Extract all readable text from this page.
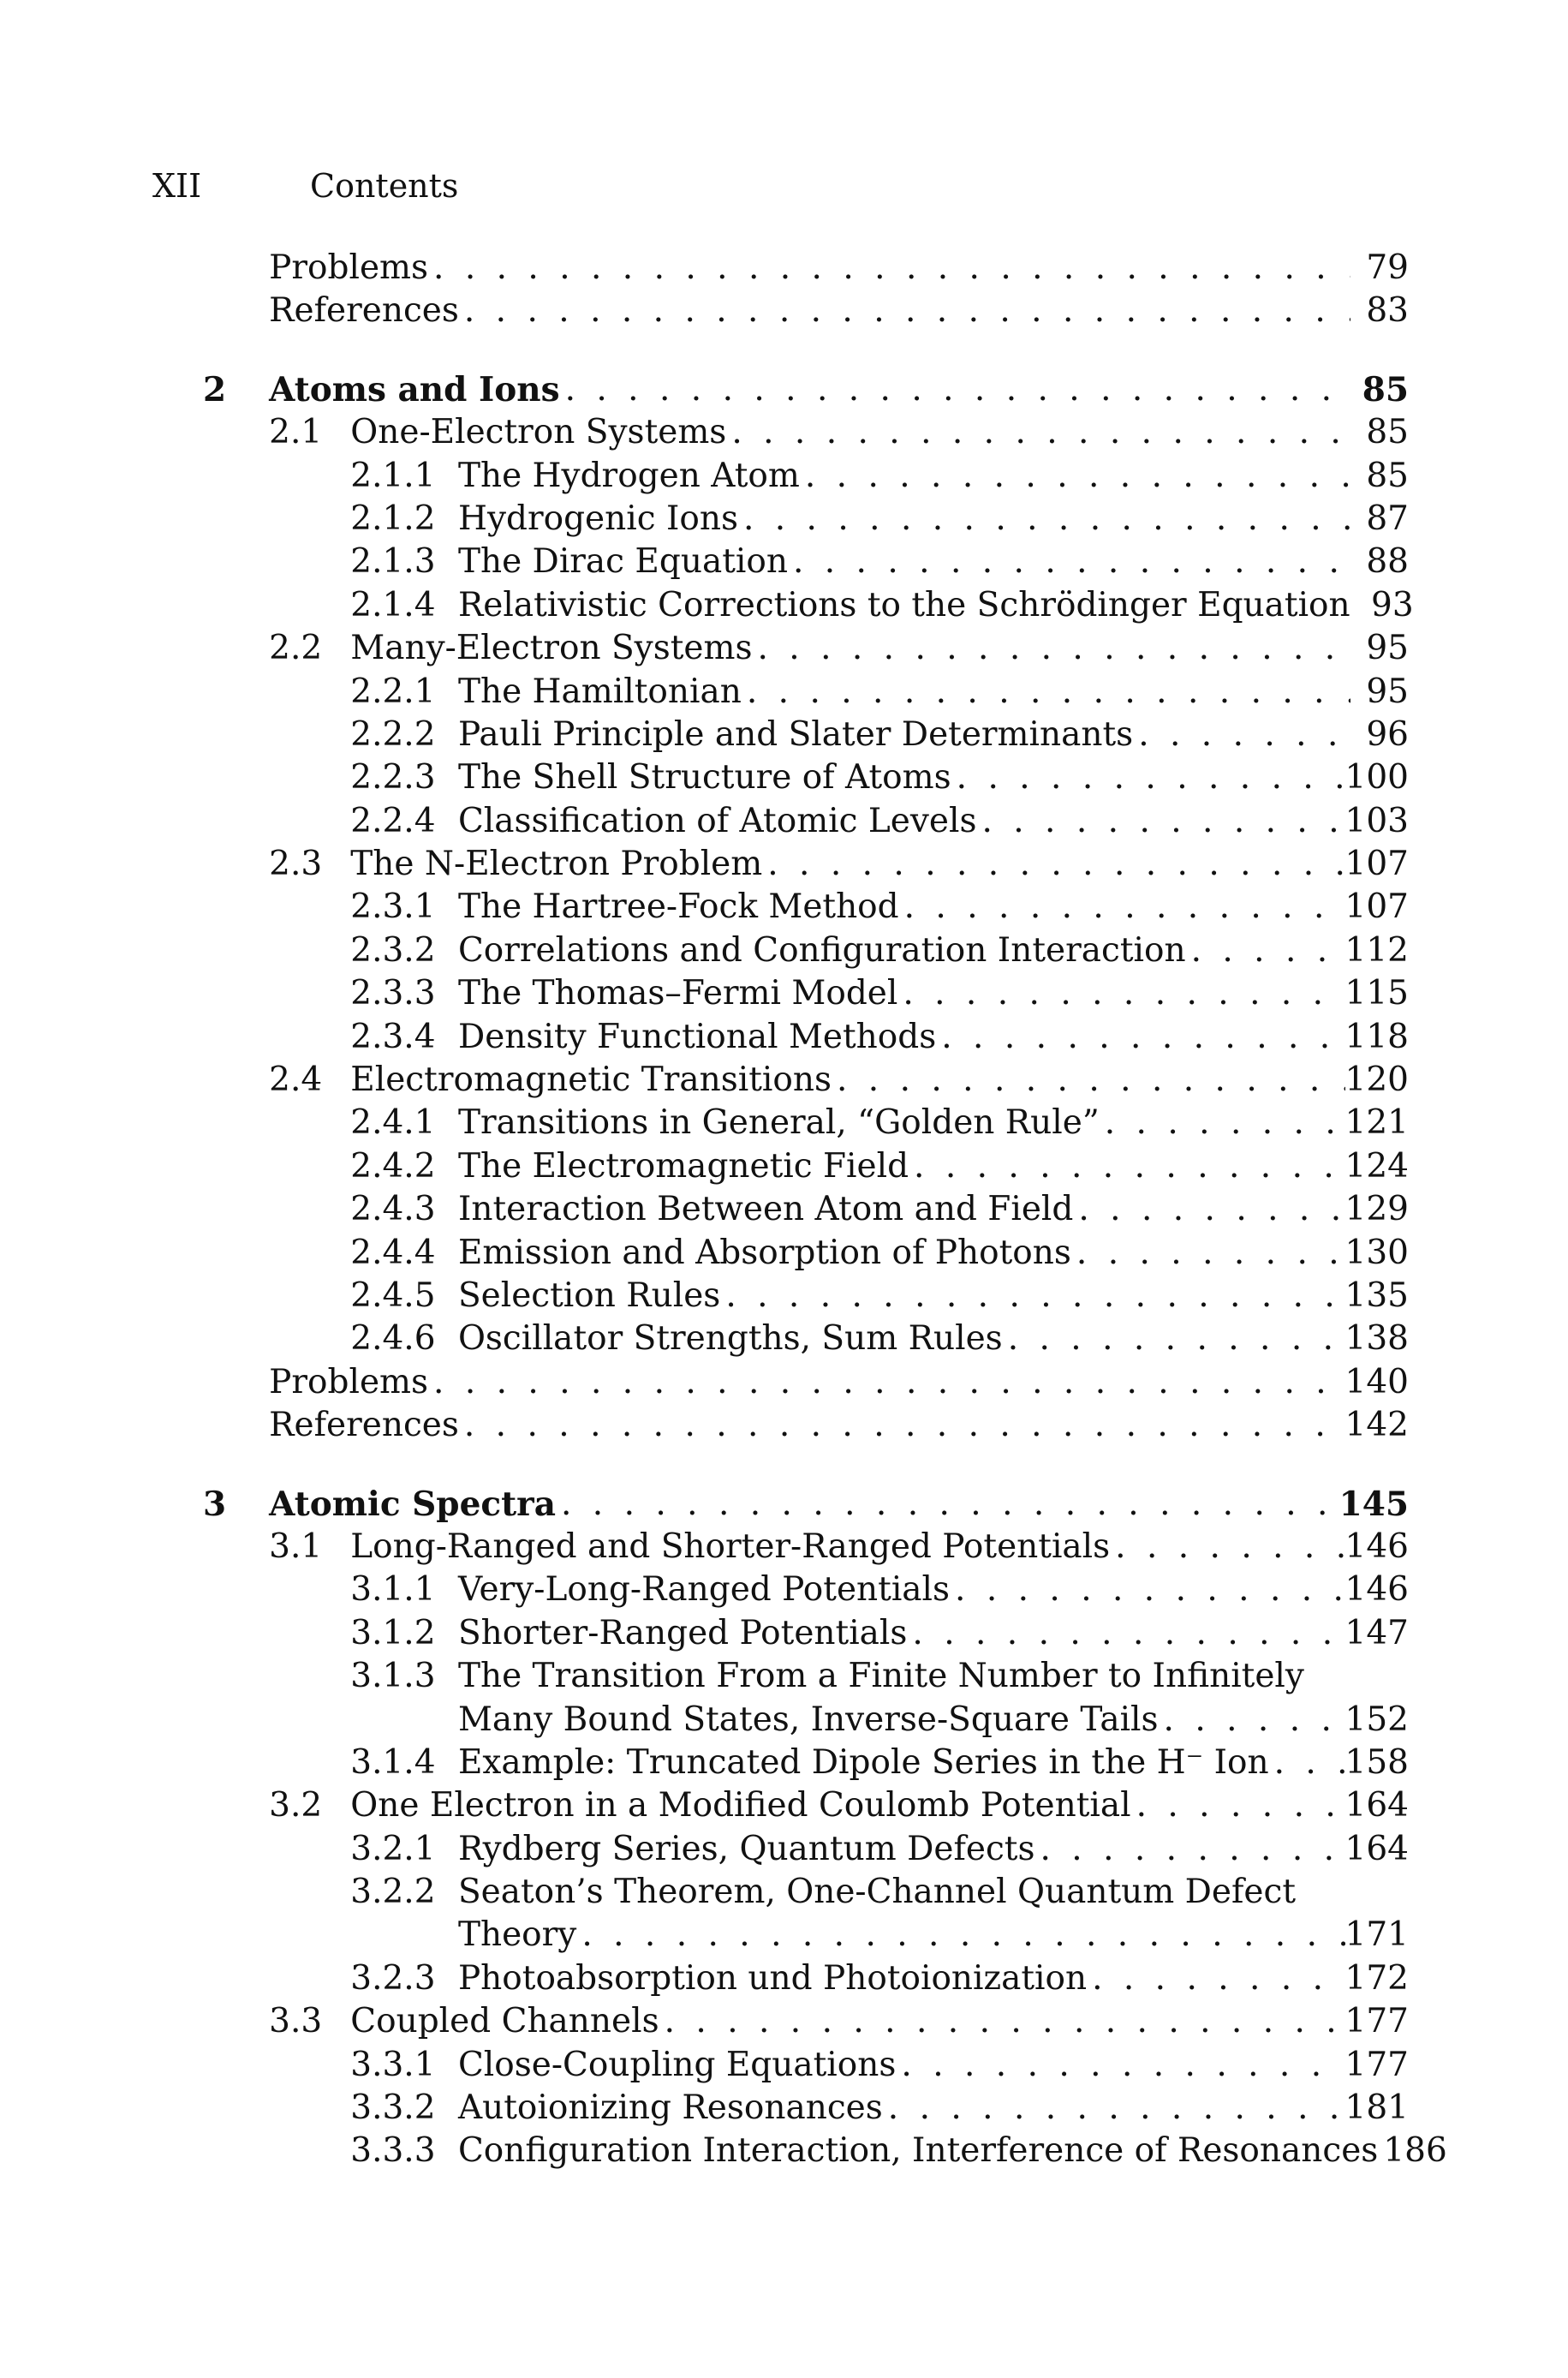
XII	Contents
Problems . . .	79
References . . .	83
2 Atoms and Ions . . .	85
2.1 One-Electron Systems . . .	85
2.1.1 The Hydrogen Atom . . .	85
2.1.2 Hydrogenic Ions . . .	87
2.1.3 The Dirac Equation . . .	88
2.1.4 Relativistic Corrections to the Schrödinger Equation . . . 93
2.2 Many-Electron Systems . . .	95
2.2.1 The Hamiltonian . . .	95
2.2.2 Pauli Principle and Slater Determinants . . .	96
2.2.3 The Shell Structure of Atoms . . .	100
2.2.4 Classification of Atomic Levels . . .	103
2.3 The N-Electron Problem . . .	107
2.3.1 The Hartree-Fock Method . . .	107
2.3.2 Correlations and Configuration Interaction . . .	112
2.3.3 The Thomas–Fermi Model . . .	115
2.3.4 Density Functional Methods . . .	118
2.4 Electromagnetic Transitions . . .	120
2.4.1 Transitions in General, “Golden Rule” . . .	121
2.4.2 The Electromagnetic Field . . .	124
2.4.3 Interaction Between Atom and Field . . .	129
2.4.4 Emission and Absorption of Photons . . .	130
2.4.5 Selection Rules . . .	135
2.4.6 Oscillator Strengths, Sum Rules . . .	138
Problems . . .	140
References . . .	142
3 Atomic Spectra . . .	145
3.1 Long-Ranged and Shorter-Ranged Potentials . . .	146
3.1.1 Very-Long-Ranged Potentials . . .	146
3.1.2 Shorter-Ranged Potentials . . .	147
3.1.3 The Transition From a Finite Number to Infinitely
Many Bound States, Inverse-Square Tails . . .	152
3.1.4 Example: Truncated Dipole Series in the H⁻ Ion . . . 158
3.2 One Electron in a Modified Coulomb Potential . . .	164
3.2.1 Rydberg Series, Quantum Defects . . .	164
3.2.2 Seaton’s Theorem, One-Channel Quantum Defect
Theory . . .	171
3.2.3 Photoabsorption und Photoionization . . .	172
3.3 Coupled Channels . . .	177
3.3.1 Close-Coupling Equations . . .	177
3.3.2 Autoionizing Resonances . . .	181
3.3.3 Configuration Interaction, Interference of Resonances . . . 186
